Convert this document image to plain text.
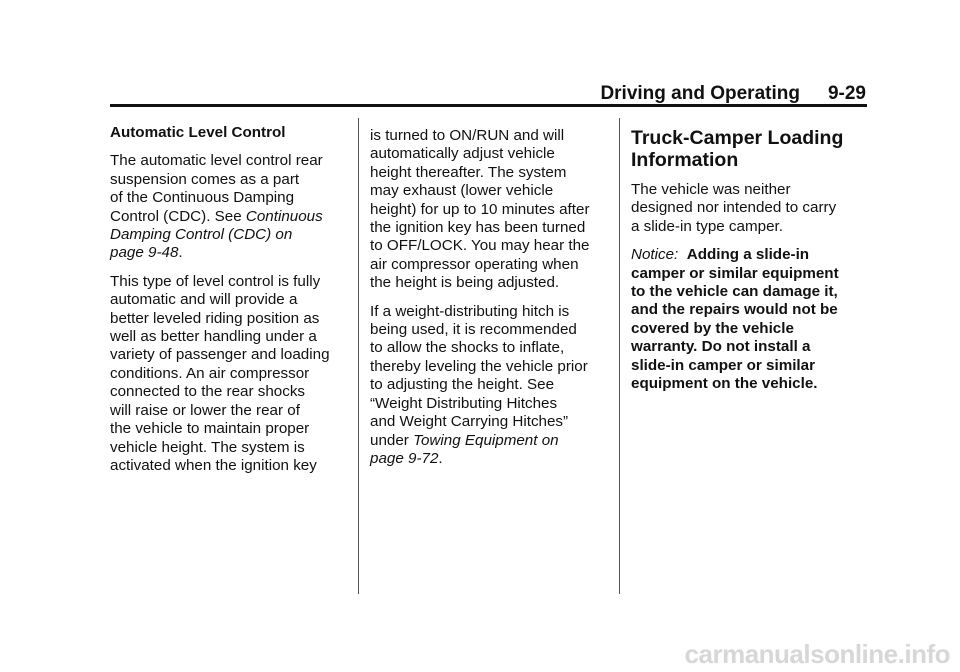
Driving and Operating 9-29
Automatic Level Control

The automatic level control rear
suspension comes as a part
of the Continuous Damping
Control (CDC). See Continuous
Damping Control (CDC) on
page 9-48.

This type of level control is fully
automatic and will provide a
better leveled riding position as
well as better handling under a
variety of passenger and loading
conditions. An air compressor
connected to the rear shocks
will raise or lower the rear of
the vehicle to maintain proper
vehicle height. The system is
activated when the ignition key

is turned to ON/RUN and will
automatically adjust vehicle
height thereafter. The system
may exhaust (lower vehicle
height) for up to 10 minutes after
the ignition key has been turned
to OFF/LOCK. You may hear the
air compressor operating when
the height is being adjusted.

If a weight-distributing hitch is
being used, it is recommended
to allow the shocks to inflate,
thereby leveling the vehicle prior
to adjusting the height. See
“Weight Distributing Hitches
and Weight Carrying Hitches”
under Towing Equipment on
page 9-72.

Truck-Camper Loading
Information

The vehicle was neither
designed nor intended to carry
a slide-in type camper.

Notice: Adding a slide-in
camper or similar equipment
to the vehicle can damage it,
and the repairs would not be
covered by the vehicle
warranty. Do not install a
slide-in camper or similar
equipment on the vehicle.

carmanualsonline.info
